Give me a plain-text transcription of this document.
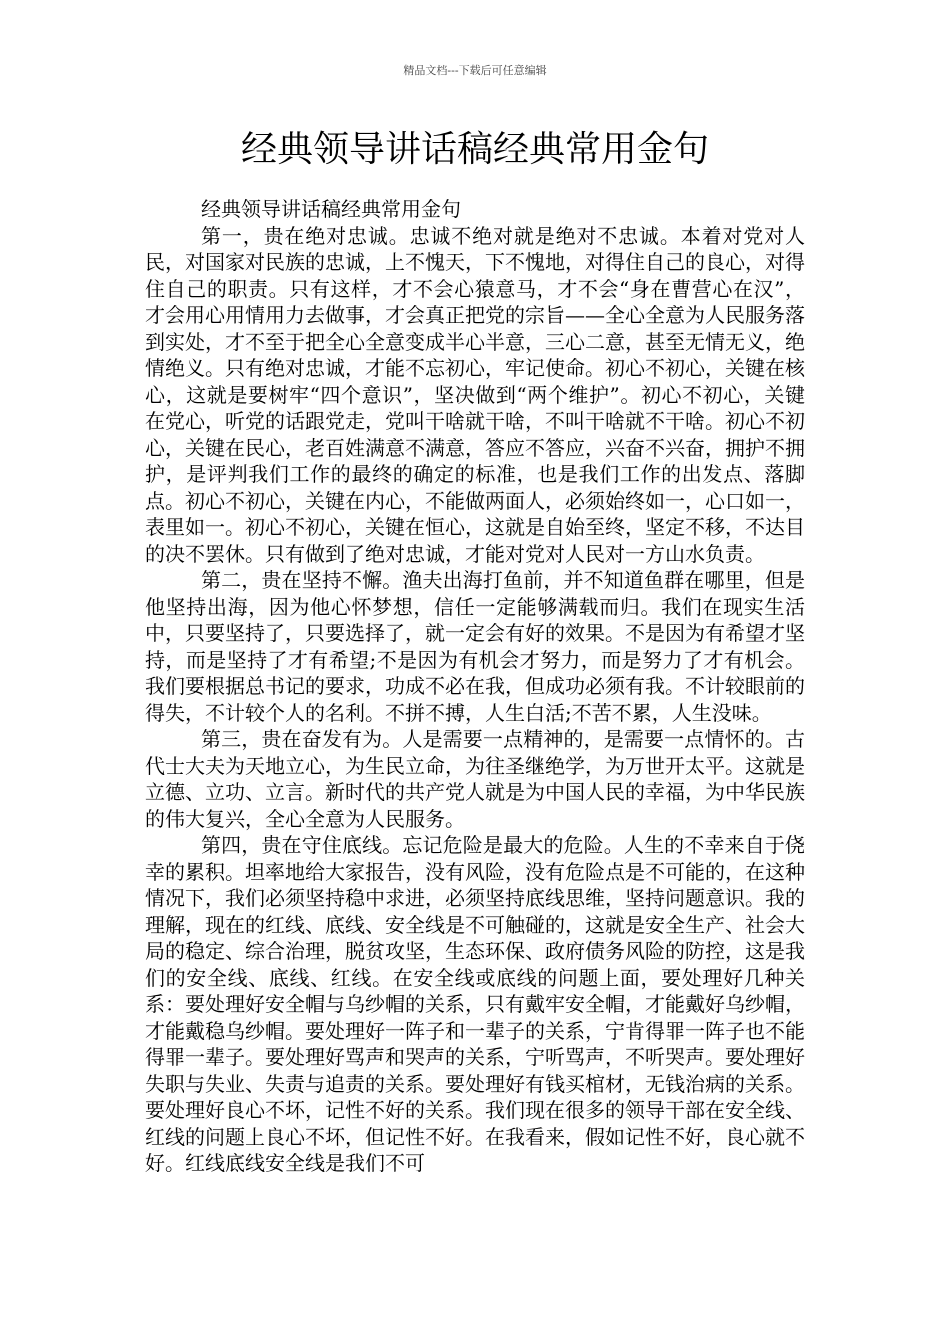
精品文档---下载后可任意编辑
经典领导讲话稿经典常用金句

经典领导讲话稿经典常用金句

第一，贵在绝对忠诚。忠诚不绝对就是绝对不忠诚。本着对党对人民，对国家对民族的忠诚，上不愧天，下不愧地，对得住自己的良心，对得住自己的职责。只有这样，才不会心猿意马，才不会“身在曹营心在汉”，才会用心用情用力去做事，才会真正把党的宗旨——全心全意为人民服务落到实处，才不至于把全心全意变成半心半意，三心二意，甚至无情无义，绝情绝义。只有绝对忠诚，才能不忘初心，牢记使命。初心不初心，关键在核心，这就是要树牢“四个意识”，坚决做到“两个维护”。初心不初心，关键在党心，听党的话跟党走，党叫干啥就干啥，不叫干啥就不干啥。初心不初心，关键在民心，老百姓满意不满意，答应不答应，兴奋不兴奋，拥护不拥护，是评判我们工作的最终的确定的标准，也是我们工作的出发点、落脚点。初心不初心，关键在内心，不能做两面人，必须始终如一，心口如一，表里如一。初心不初心，关键在恒心，这就是自始至终，坚定不移，不达目的决不罢休。只有做到了绝对忠诚，才能对党对人民对一方山水负责。

第二，贵在坚持不懈。渔夫出海打鱼前，并不知道鱼群在哪里，但是他坚持出海，因为他心怀梦想，信任一定能够满载而归。我们在现实生活中，只要坚持了，只要选择了，就一定会有好的效果。不是因为有希望才坚持，而是坚持了才有希望;不是因为有机会才努力，而是努力了才有机会。我们要根据总书记的要求，功成不必在我，但成功必须有我。不计较眼前的得失，不计较个人的名利。不拼不搏，人生白活;不苦不累，人生没味。

第三，贵在奋发有为。人是需要一点精神的，是需要一点情怀的。古代士大夫为天地立心，为生民立命，为往圣继绝学，为万世开太平。这就是立德、立功、立言。新时代的共产党人就是为中国人民的幸福，为中华民族的伟大复兴，全心全意为人民服务。

第四，贵在守住底线。忘记危险是最大的危险。人生的不幸来自于侥幸的累积。坦率地给大家报告，没有风险，没有危险点是不可能的，在这种情况下，我们必须坚持稳中求进，必须坚持底线思维，坚持问题意识。我的理解，现在的红线、底线、安全线是不可触碰的，这就是安全生产、社会大局的稳定、综合治理，脱贫攻坚，生态环保、政府债务风险的防控，这是我们的安全线、底线、红线。在安全线或底线的问题上面，要处理好几种关系：要处理好安全帽与乌纱帽的关系，只有戴牢安全帽，才能戴好乌纱帽，才能戴稳乌纱帽。要处理好一阵子和一辈子的关系，宁肯得罪一阵子也不能得罪一辈子。要处理好骂声和哭声的关系，宁听骂声，不听哭声。要处理好失职与失业、失责与追责的关系。要处理好有钱买棺材，无钱治病的关系。要处理好良心不坏，记性不好的关系。我们现在很多的领导干部在安全线、红线的问题上良心不坏，但记性不好。在我看来，假如记性不好，良心就不好。红线底线安全线是我们不可
